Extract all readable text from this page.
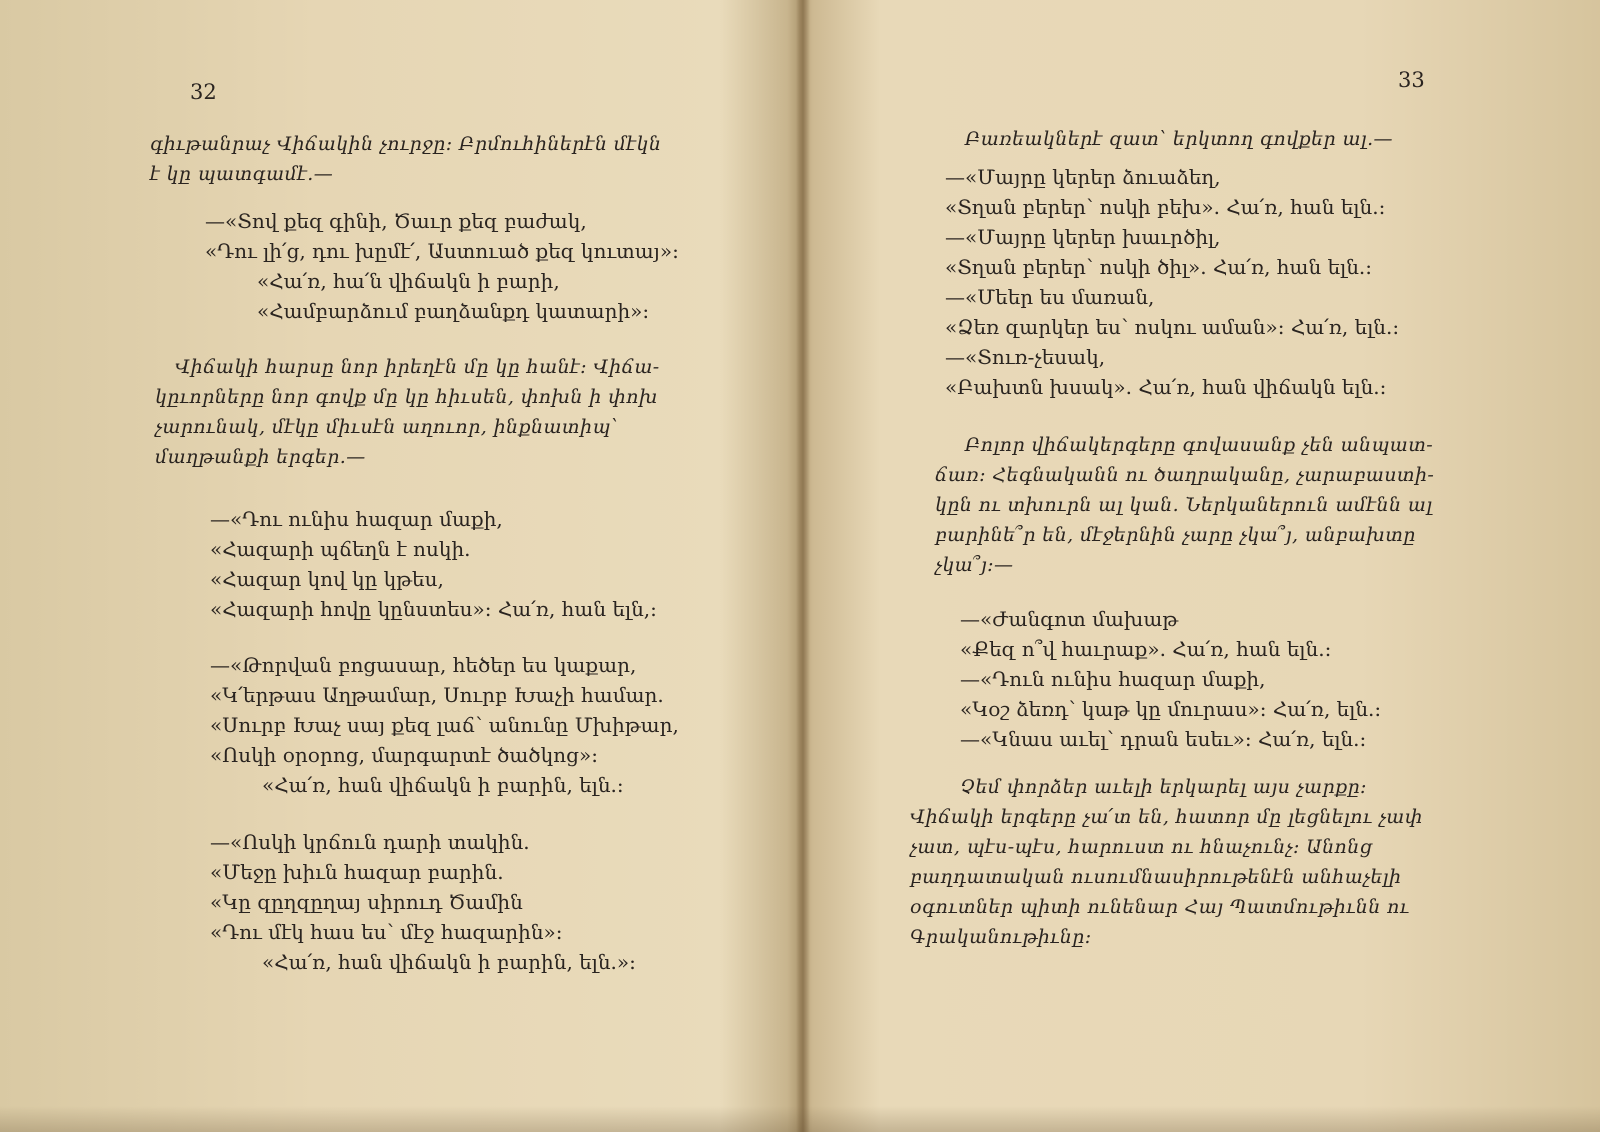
32
գիւթանրաչ Վիճակին չուրջը։ Բրմուհիներէն մէկն
է կը պատգամէ.—
—«Տով քեզ գինի, Ծաւր քեզ բաժակ,
«Դու լի՛ց, դու խըմէ՛, Աստուած քեզ կուտայ»:
«Հա՛ռ, հա՛ն վիճակն ի բարի,
«Համբարձում բաղձանքդ կատարի»:
Վիճակի հարսը նոր իրեղէն մը կը հանէ։ Վիճա-
կըւորները նոր գովք մը կը հիւսեն, փոխն ի փոխ
չարունակ, մէկը միւսէն աղուոր, ինքնատիպ՝
մաղթանքի երգեր.—
—«Դու ունիս հազար մաքի,
«Հազարի պճեղն է ոսկի.
«Հազար կով կը կթես,
«Հազարի հովը կընստես»: Հա՛ռ, հան ելն,:
—«Թորվան բոցասար, հեծեր ես կաքար,
«Կ՛երթաս Աղթամար, Սուրբ Խաչի համար.
«Սուրբ Խաչ սայ քեզ լաճ՝ անունը Մխիթար,
«Ոսկի օրօրոց, մարգարտէ ծածկոց»:
«Հա՛ռ, հան վիճակն ի բարին, ելն.:
—«Ոսկի կրճուն դարի տակին.
«Մեջը խիւն հազար բարին.
«Կը զըղզըղայ սիրուդ Ծամին
«Դու մէկ հաս ես՝ մէջ հազարին»:
«Հա՛ռ, հան վիճակն ի բարին, ելն.»:
33
Բառեակներէ զատ՝ երկտող գովքեր ալ.—
—«Մայրը կերեր ձուաձեղ,
«Տղան բերեր՝ ոսկի բեխ». Հա՛ռ, հան ելն.:
—«Մայրը կերեր խաւրծիլ,
«Տղան բերեր՝ ոսկի ծիլ». Հա՛ռ, հան ելն.:
—«Մեեր ես մառան,
«Ձեռ զարկեր ես՝ ոսկու աման»: Հա՛ռ, ելն.:
—«Տուռ-չեսակ,
«Բախտն խսակ». Հա՛ռ, հան վիճակն ելն.:
Բոլոր վիճակերգերը գովասանք չեն անպատ-
ճառ։ Հեգնականն ու ծաղրականը, չարաբաստի-
կըն ու տխուրն ալ կան. Ներկաներուն ամէնն ալ
բարինե՞ր են, մէջերնին չարը չկա՞յ, անբախտը
չկա՞յ։—
—«Ժանգոտ մախաթ
«Քեզ ո՞վ հաւրաք». Հա՛ռ, հան ելն.:
—«Դուն ունիս հազար մաքի,
«Կօշ ձեռդ՝ կաթ կը մուրաս»: Հա՛ռ, ելն.:
—«Կնաս աւել՝ դրան եսեւ»: Հա՛ռ, ելն.:
Չեմ փորձեր աւելի երկարել այս չարքը։
Վիճակի երգերը չա՛տ են, հատոր մը լեցնելու չափ
չատ, պէս-պէս, հարուստ ու հնաչունչ։ Անոնց
բաղդատական ուսումնասիրութենէն անհաչելի
օգուտներ պիտի ունենար Հայ Պատմութիւնն ու
Գրականութիւնը։
